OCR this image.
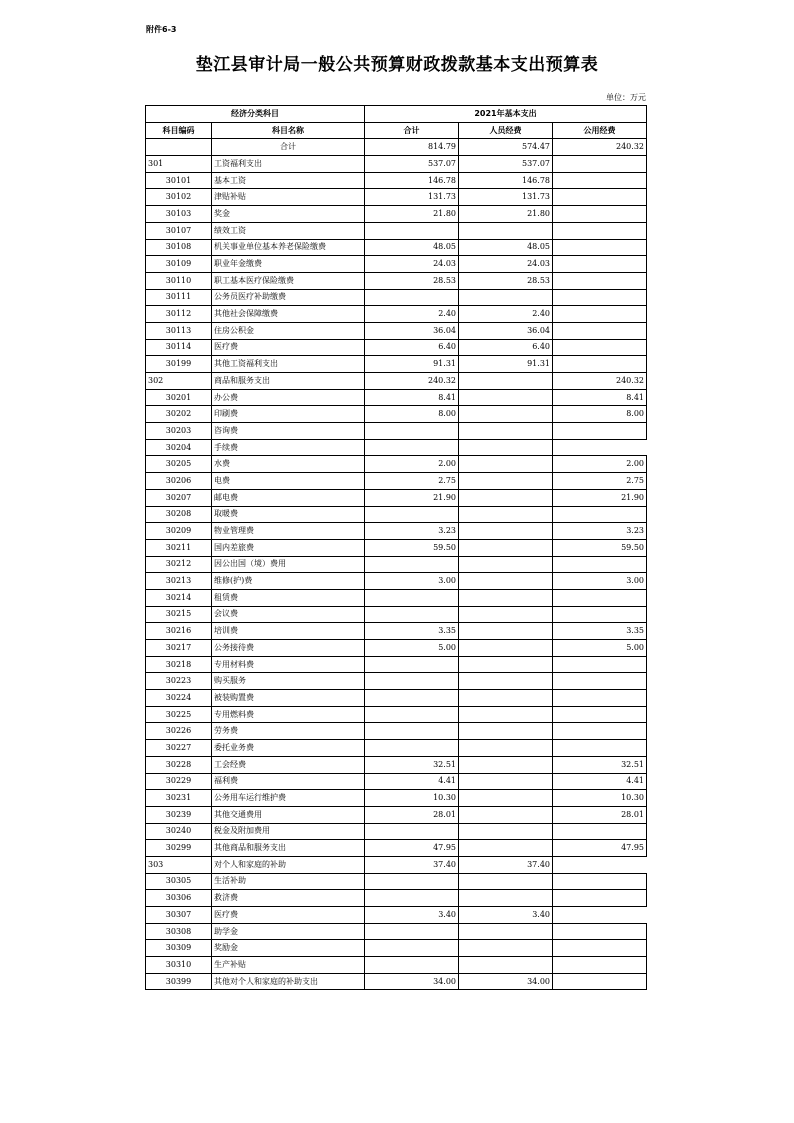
附件6-3
垫江县审计局一般公共预算财政拨款基本支出预算表
单位：万元
经济分类科目		2021年基本支出		
科目编码	科目名称	合计	人员经费	公用经费
	合计	814.79	574.47	240.32
301	工资福利支出	537.07	537.07	
30101	基本工资	146.78	146.78	
30102	津贴补贴	131.73	131.73	
30103	奖金	21.80	21.80	
30107	绩效工资			
30108	机关事业单位基本养老保险缴费	48.05	48.05	
30109	职业年金缴费	24.03	24.03	
30110	职工基本医疗保险缴费	28.53	28.53	
30111	公务员医疗补助缴费			
30112	其他社会保障缴费	2.40	2.40	
30113	住房公积金	36.04	36.04	
30114	医疗费	6.40	6.40	
30199	其他工资福利支出	91.31	91.31	
302	商品和服务支出	240.32		240.32
30201	办公费	8.41		8.41
30202	印刷费	8.00		8.00
30203	咨询费			
30204	手续费			
30205	水费	2.00		2.00
30206	电费	2.75		2.75
30207	邮电费	21.90		21.90
30208	取暖费			
30209	物业管理费	3.23		3.23
30211	国内差旅费	59.50		59.50
30212	因公出国（境）费用			
30213	维修(护)费	3.00		3.00
30214	租赁费			
30215	会议费			
30216	培训费	3.35		3.35
30217	公务接待费	5.00		5.00
30218	专用材料费			
30223	购买服务			
30224	被装购置费			
30225	专用燃料费			
30226	劳务费			
30227	委托业务费			
30228	工会经费	32.51		32.51
30229	福利费	4.41		4.41
30231	公务用车运行维护费	10.30		10.30
30239	其他交通费用	28.01		28.01
30240	税金及附加费用			
30299	其他商品和服务支出	47.95		47.95
303	对个人和家庭的补助	37.40	37.40	
30305	生活补助			
30306	救济费			
30307	医疗费	3.40	3.40	
30308	助学金			
30309	奖励金			
30310	生产补贴			
30399	其他对个人和家庭的补助支出	34.00	34.00	
